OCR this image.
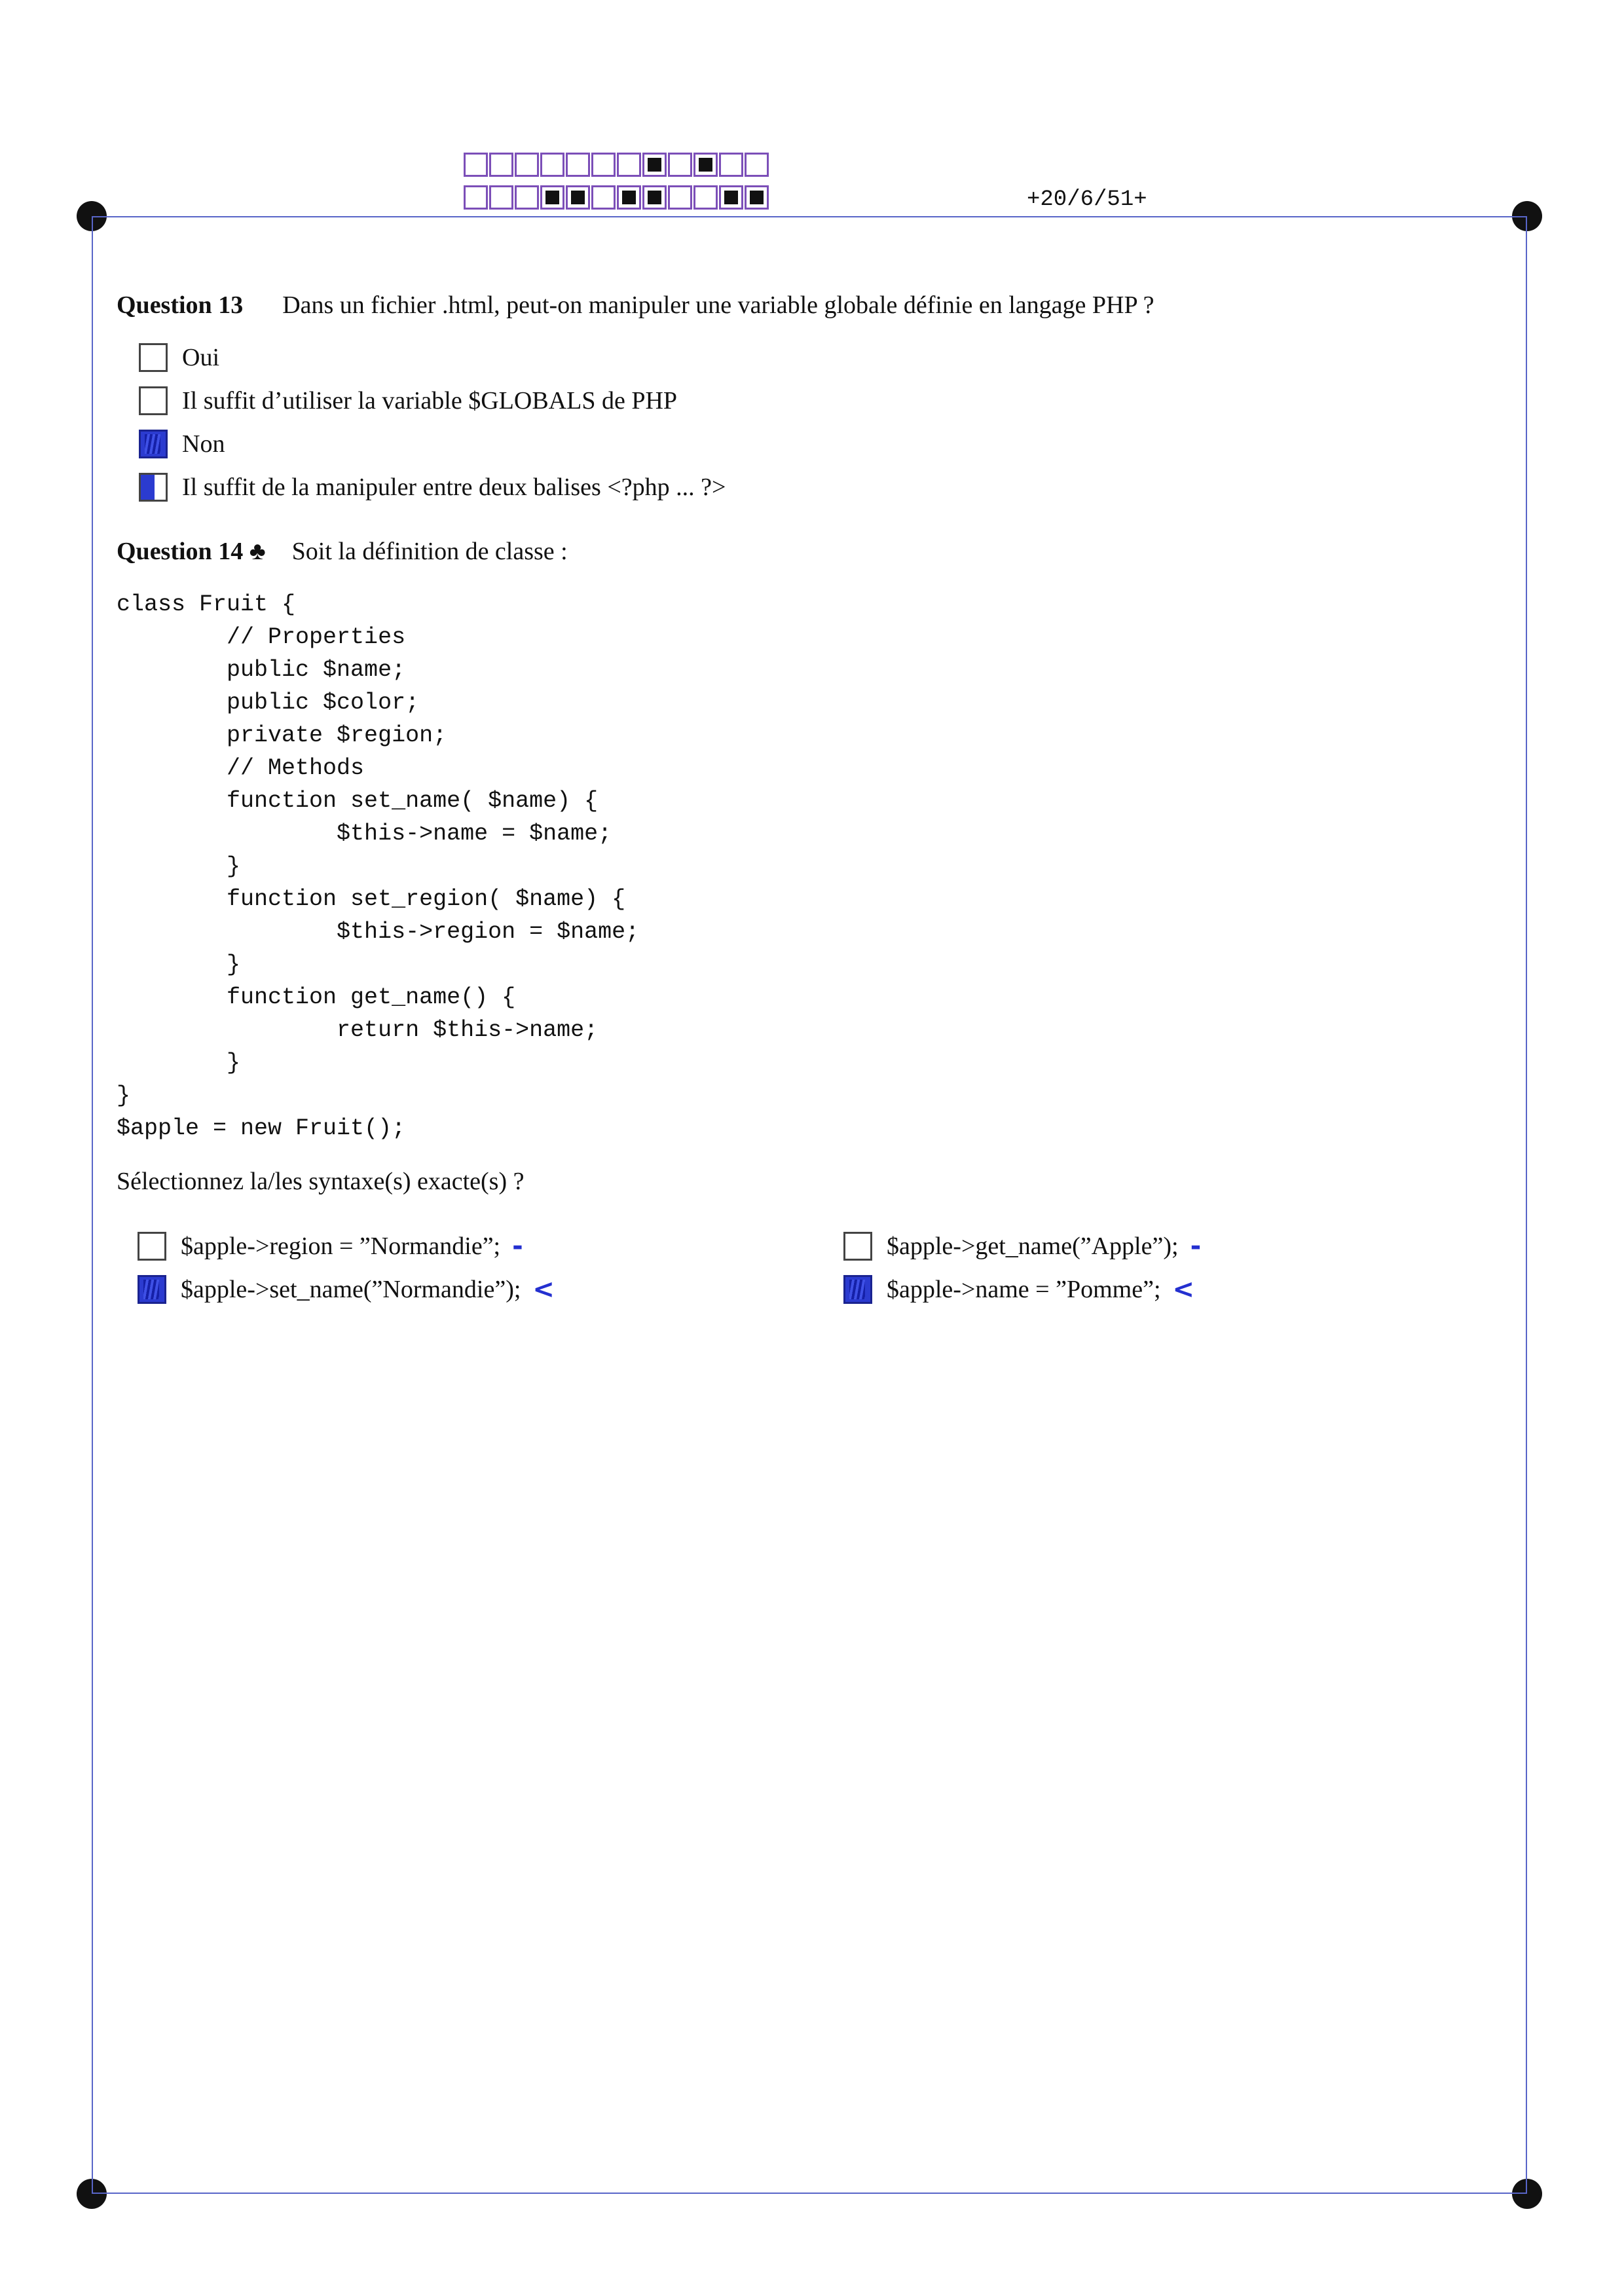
+20/6/51+
Question 13 Dans un fichier .html, peut-on manipuler une variable globale définie en langage PHP ?
Oui
Il suffit d’utiliser la variable $GLOBALS de PHP
Non
Il suffit de la manipuler entre deux balises <?php ... ?>
Question 14 ♣ Soit la définition de classe :
class Fruit {
// Properties
public $name;
public $color;
private $region;
// Methods
function set_name( $name) {
$this->name = $name;
}
function set_region( $name) {
$this->region = $name;
}
function get_name() {
return $this->name;
}
}
$apple = new Fruit();
Sélectionnez la/les syntaxe(s) exacte(s) ?
$apple->region = ”Normandie”; -
$apple->set_name(”Normandie”); <
$apple->get_name(”Apple”); -
$apple->name = ”Pomme”; <
